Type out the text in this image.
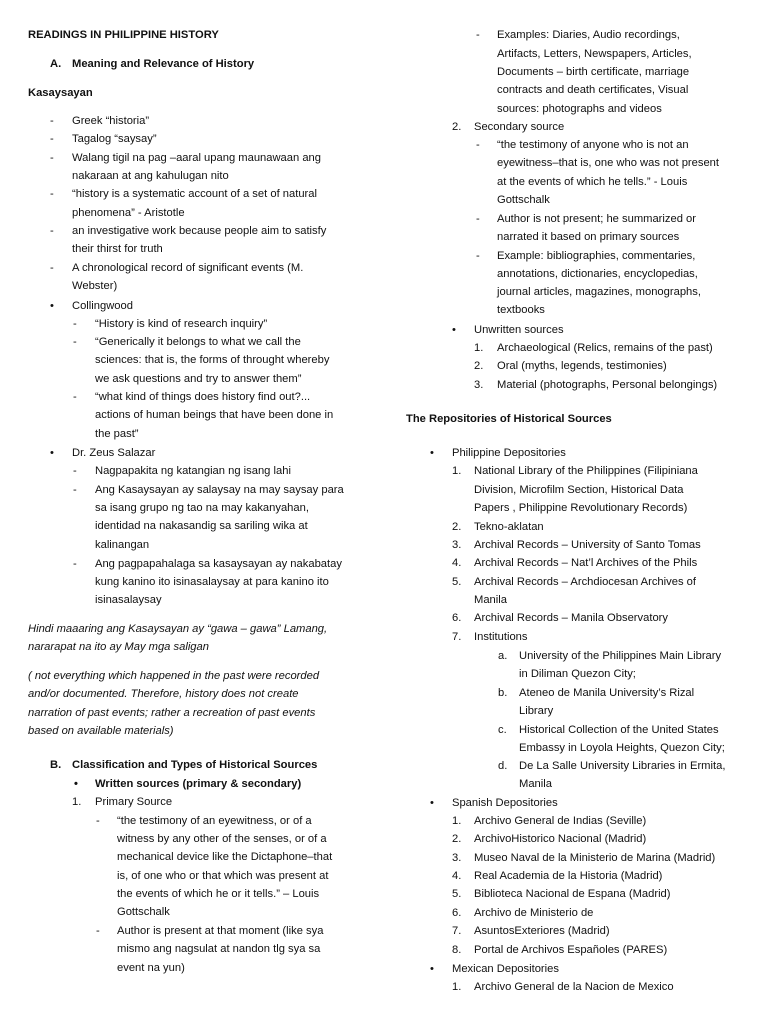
READINGS IN PHILIPPINE HISTORY
A. Meaning and Relevance of History
Kasaysayan
- Greek “historia”
- Tagalog “saysay”
- Walang tigil na pag –aaral upang maunawaan ang
nakaraan at ang kahulugan nito
- “history is a systematic account of a set of natural
phenomena” - Aristotle
- an investigative work because people aim to satisfy
their thirst for truth
- A chronological record of significant events (M.
Webster)
• Collingwood
- “History is kind of research inquiry”
- “Generically it belongs to what we call the
sciences: that is, the forms of throught whereby
we ask questions and try to answer them”
- “what kind of things does history find out?...
actions of human beings that have been done in
the past”
• Dr. Zeus Salazar
- Nagpapakita ng katangian ng isang lahi
- Ang Kasaysayan ay salaysay na may saysay para
sa isang grupo ng tao na may kakanyahan,
identidad na nakasandig sa sariling wika at
kalinangan
- Ang pagpapahalaga sa kasaysayan ay nakabatay
kung kanino ito isinasalaysay at para kanino ito
isinasalaysay
Hindi maaaring ang Kasaysayan ay “gawa – gawa” Lamang,
nararapat na ito ay May mga saligan
( not everything which happened in the past were recorded
and/or documented. Therefore, history does not create
narration of past events; rather a recreation of past events
based on available materials)
B. Classification and Types of Historical Sources
• Written sources (primary & secondary)
1. Primary Source
- “the testimony of an eyewitness, or of a
witness by any other of the senses, or of a
mechanical device like the Dictaphone–that
is, of one who or that which was present at
the events of which he or it tells.” – Louis
Gottschalk
- Author is present at that moment (like sya
mismo ang nagsulat at nandon tlg sya sa
event na yun)
- Examples: Diaries, Audio recordings,
Artifacts, Letters, Newspapers, Articles,
Documents – birth certificate, marriage
contracts and death certificates, Visual
sources: photographs and videos
2. Secondary source
- “the testimony of anyone who is not an
eyewitness–that is, one who was not present
at the events of which he tells.” - Louis
Gottschalk
- Author is not present; he summarized or
narrated it based on primary sources
- Example: bibliographies, commentaries,
annotations, dictionaries, encyclopedias,
journal articles, magazines, monographs,
textbooks
• Unwritten sources
1. Archaeological (Relics, remains of the past)
2. Oral (myths, legends, testimonies)
3. Material (photographs, Personal belongings)
The Repositories of Historical Sources
• Philippine Depositories
1. National Library of the Philippines (Filipiniana
Division, Microfilm Section, Historical Data
Papers , Philippine Revolutionary Records)
2. Tekno-aklatan
3. Archival Records – University of Santo Tomas
4. Archival Records – Nat’l Archives of the Phils
5. Archival Records – Archdiocesan Archives of
Manila
6. Archival Records – Manila Observatory
7. Institutions
a. University of the Philippines Main Library
in Diliman Quezon City;
b. Ateneo de Manila University’s Rizal
Library
c. Historical Collection of the United States
Embassy in Loyola Heights, Quezon City;
d. De La Salle University Libraries in Ermita,
Manila
• Spanish Depositories
1. Archivo General de Indias (Seville)
2. ArchivoHistorico Nacional (Madrid)
3. Museo Naval de la Ministerio de Marina (Madrid)
4. Real Academia de la Historia (Madrid)
5. Biblioteca Nacional de Espana (Madrid)
6. Archivo de Ministerio de
7. AsuntosExteriores (Madrid)
8. Portal de Archivos Españoles (PARES)
• Mexican Depositories
1. Archivo General de la Nacion de Mexico
